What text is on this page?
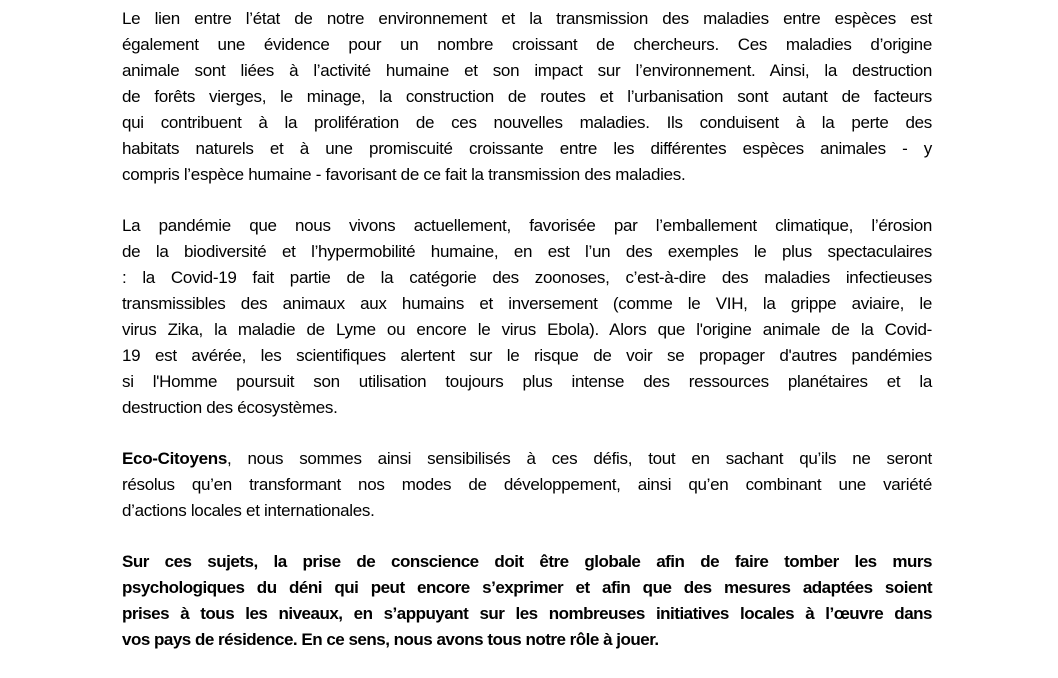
Le lien entre l’état de notre environnement et la transmission des maladies entre espèces est
également une évidence pour un nombre croissant de chercheurs. Ces maladies d’origine
animale sont liées à l’activité humaine et son impact sur l’environnement. Ainsi, la destruction
de forêts vierges, le minage, la construction de routes et l’urbanisation sont autant de facteurs
qui contribuent à la prolifération de ces nouvelles maladies. Ils conduisent à la perte des
habitats naturels et à une promiscuité croissante entre les différentes espèces animales - y
compris l’espèce humaine - favorisant de ce fait la transmission des maladies.
La pandémie que nous vivons actuellement, favorisée par l’emballement climatique, l’érosion
de la biodiversité et l’hypermobilité humaine, en est l’un des exemples le plus spectaculaires
: la Covid-19 fait partie de la catégorie des zoonoses, c’est-à-dire des maladies infectieuses
transmissibles des animaux aux humains et inversement (comme le VIH, la grippe aviaire, le
virus Zika, la maladie de Lyme ou encore le virus Ebola). Alors que l'origine animale de la Covid-
19 est avérée, les scientifiques alertent sur le risque de voir se propager d'autres pandémies
si l'Homme poursuit son utilisation toujours plus intense des ressources planétaires et la
destruction des écosystèmes.
Eco-Citoyens, nous sommes ainsi sensibilisés à ces défis, tout en sachant qu’ils ne seront
résolus qu’en transformant nos modes de développement, ainsi qu’en combinant une variété
d’actions locales et internationales.
Sur ces sujets, la prise de conscience doit être globale afin de faire tomber les murs
psychologiques du déni qui peut encore s’exprimer et afin que des mesures adaptées soient
prises à tous les niveaux, en s’appuyant sur les nombreuses initiatives locales à l’œuvre dans
vos pays de résidence. En ce sens, nous avons tous notre rôle à jouer.
